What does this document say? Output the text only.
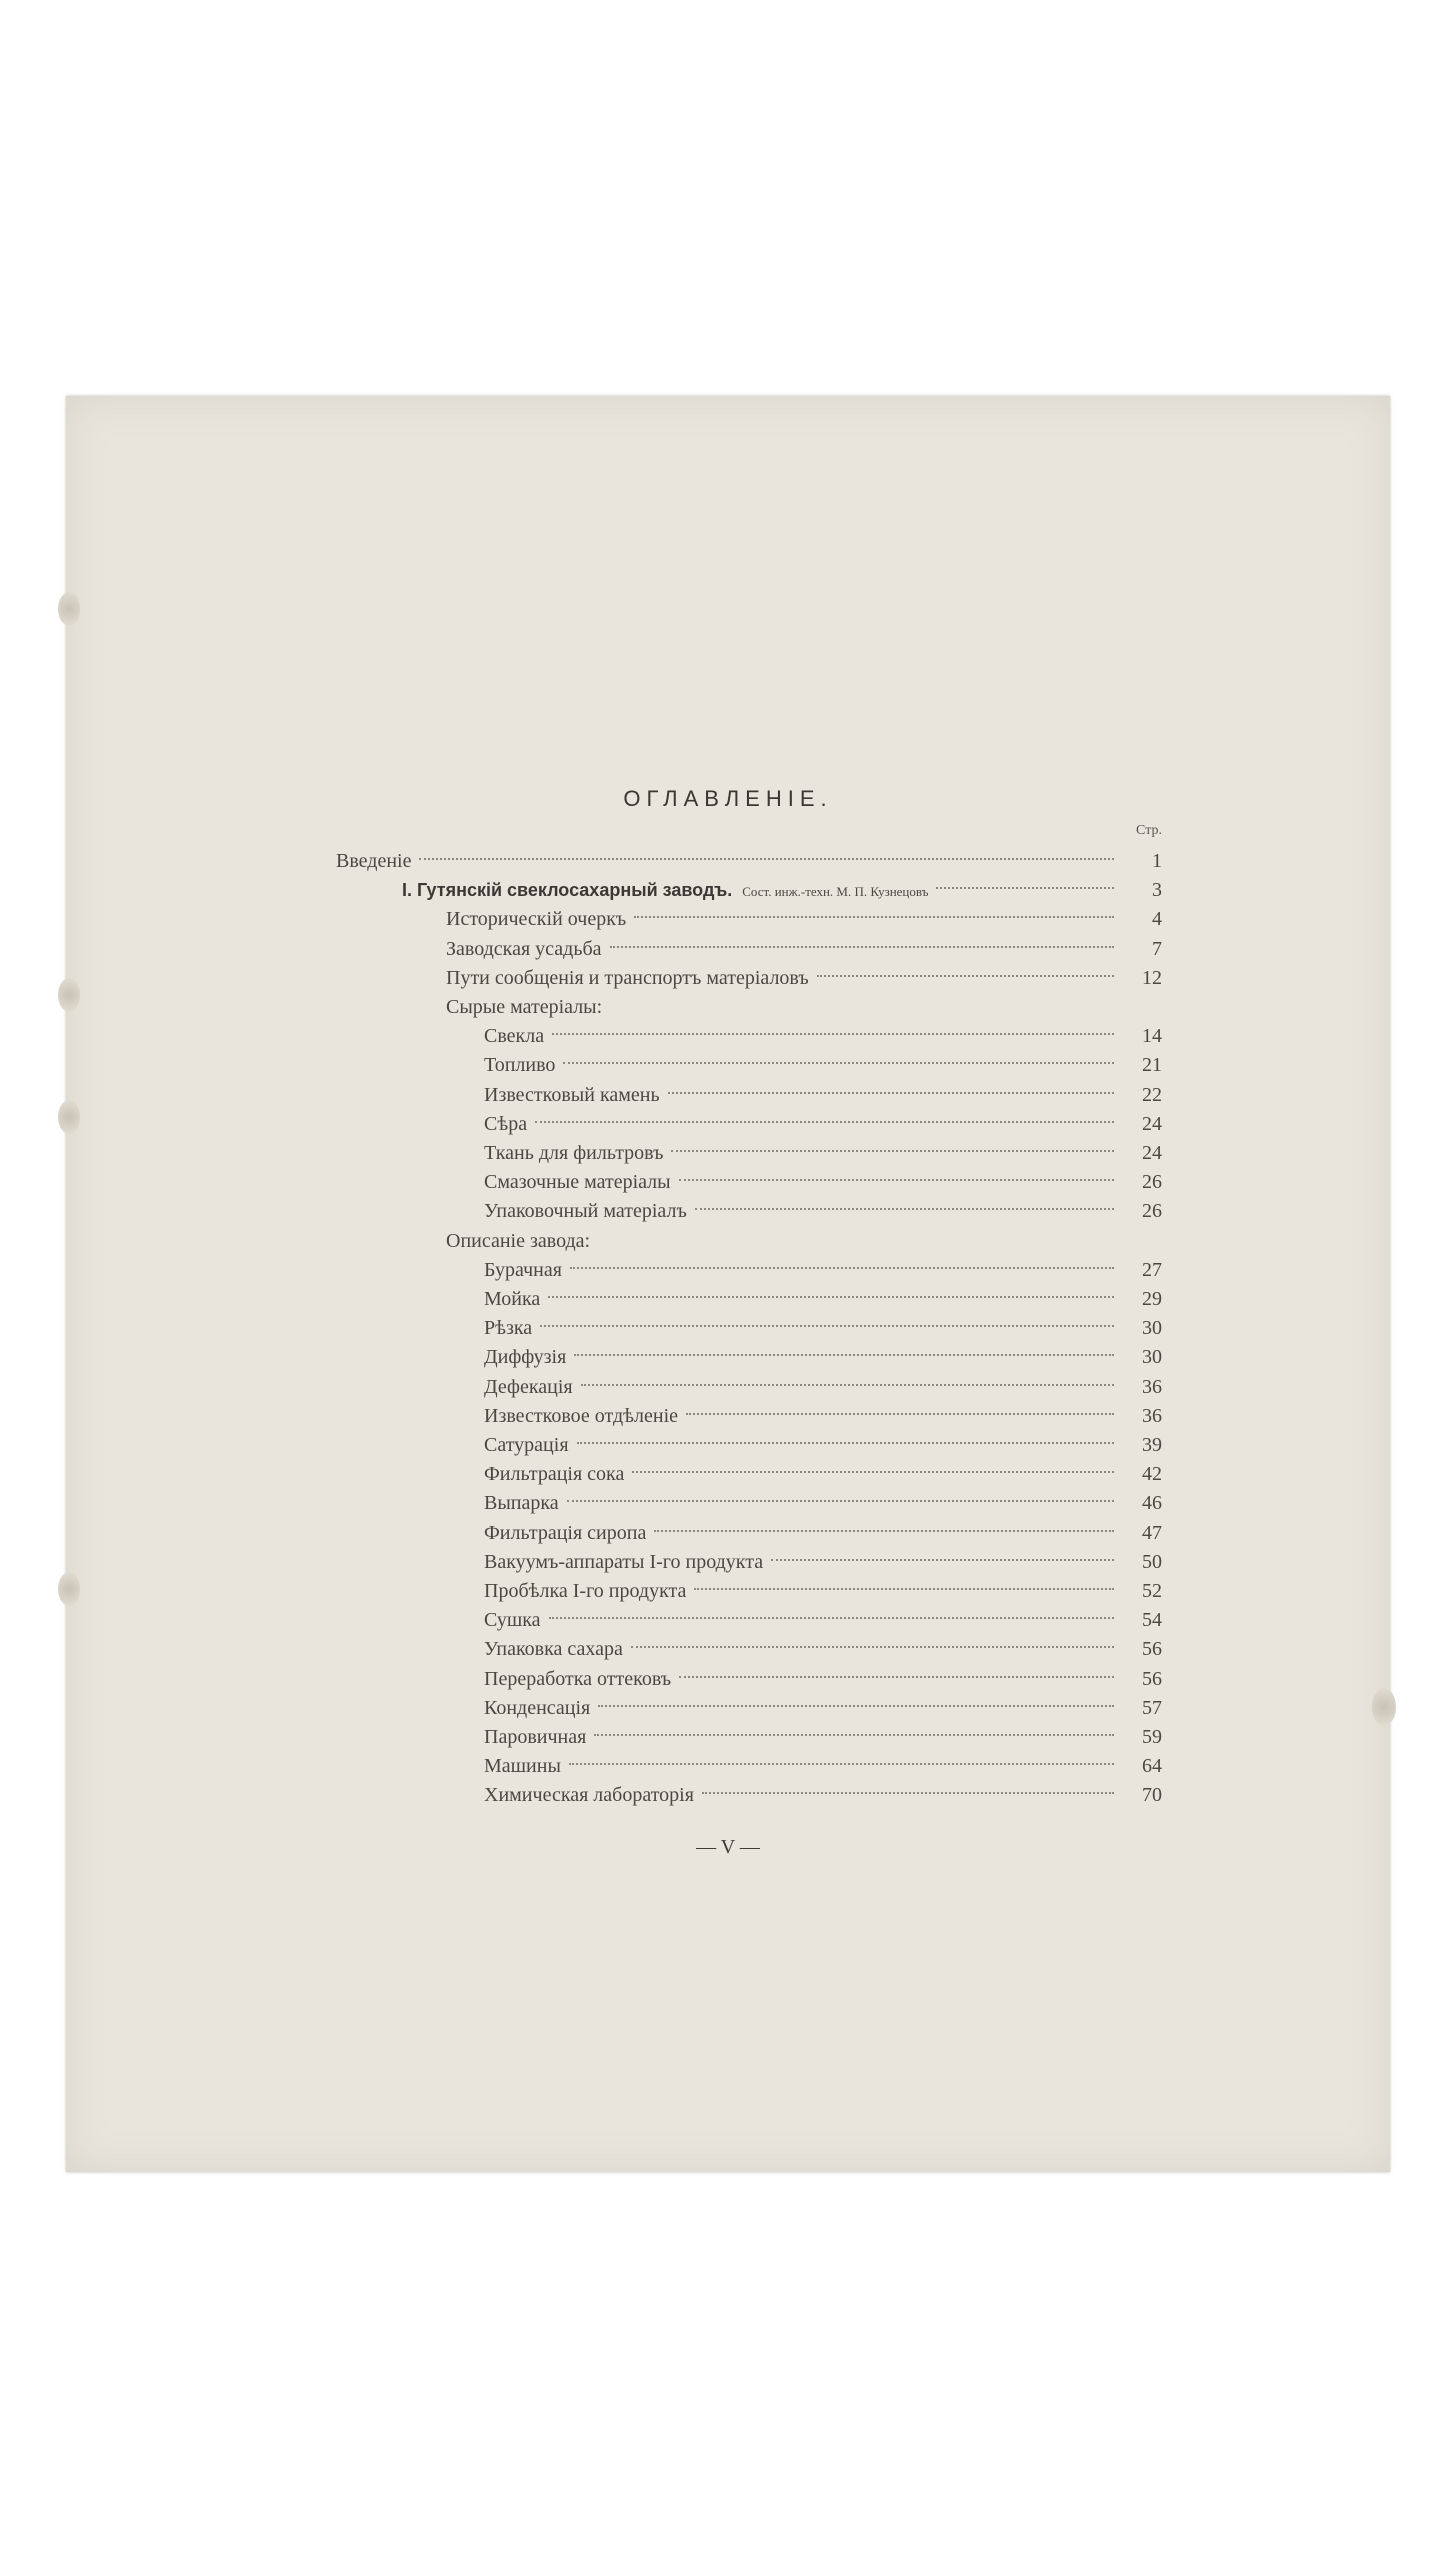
ОГЛАВЛЕНІЕ.
Стр.
Введеніе	1
I. Гутянскій свеклосахарный заводъ. Сост. инж.-техн. М. П. Кузнецовъ	3
Историческій очеркъ	4
Заводская усадьба	7
Пути сообщенія и транспортъ матеріаловъ	12
Сырые матеріалы:
Свекла	14
Топливо	21
Известковый камень	22
Сѣра	24
Ткань для фильтровъ	24
Смазочные матеріалы	26
Упаковочный матеріалъ	26
Описаніе завода:
Бурачная	27
Мойка	29
Рѣзка	30
Диффузія	30
Дефекація	36
Известковое отдѣленіе	36
Сатурація	39
Фильтрація сока	42
Выпарка	46
Фильтрація сиропа	47
Вакуумъ-аппараты I-го продукта	50
Пробѣлка I-го продукта	52
Сушка	54
Упаковка сахара	56
Переработка оттековъ	56
Конденсація	57
Паровичная	59
Машины	64
Химическая лабораторія	70
— V —
